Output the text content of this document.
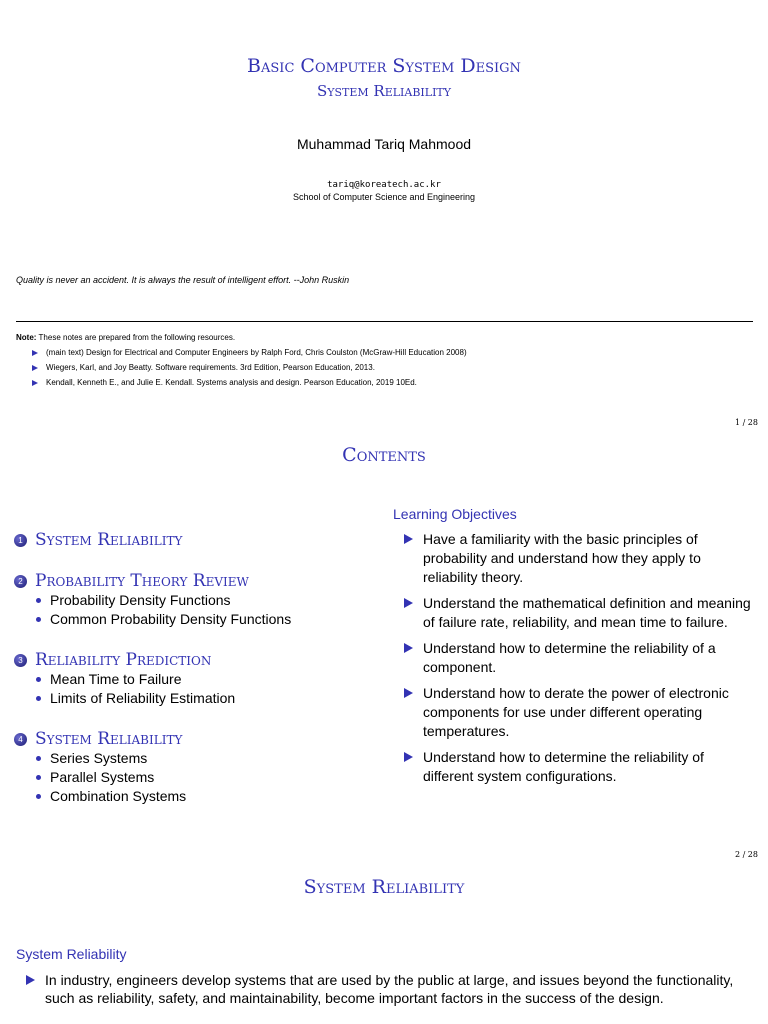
Basic Computer System Design
System Reliability
Muhammad Tariq Mahmood
tariq@koreatech.ac.kr
School of Computer Science and Engineering
Quality is never an accident. It is always the result of intelligent effort. --John Ruskin
Note: These notes are prepared from the following resources.
(main text) Design for Electrical and Computer Engineers by Ralph Ford, Chris Coulston (McGraw-Hill Education 2008)
Wiegers, Karl, and Joy Beatty. Software requirements. 3rd Edition, Pearson Education, 2013.
Kendall, Kenneth E., and Julie E. Kendall. Systems analysis and design. Pearson Education, 2019 10Ed.
1 / 28
Contents
1 System Reliability
2 Probability Theory Review
Probability Density Functions
Common Probability Density Functions
3 Reliability Prediction
Mean Time to Failure
Limits of Reliability Estimation
4 System Reliability
Series Systems
Parallel Systems
Combination Systems
Learning Objectives
Have a familiarity with the basic principles of probability and understand how they apply to reliability theory.
Understand the mathematical definition and meaning of failure rate, reliability, and mean time to failure.
Understand how to determine the reliability of a component.
Understand how to derate the power of electronic components for use under different operating temperatures.
Understand how to determine the reliability of different system configurations.
2 / 28
System Reliability
System Reliability
In industry, engineers develop systems that are used by the public at large, and issues beyond the functionality, such as reliability, safety, and maintainability, become important factors in the success of the design.
